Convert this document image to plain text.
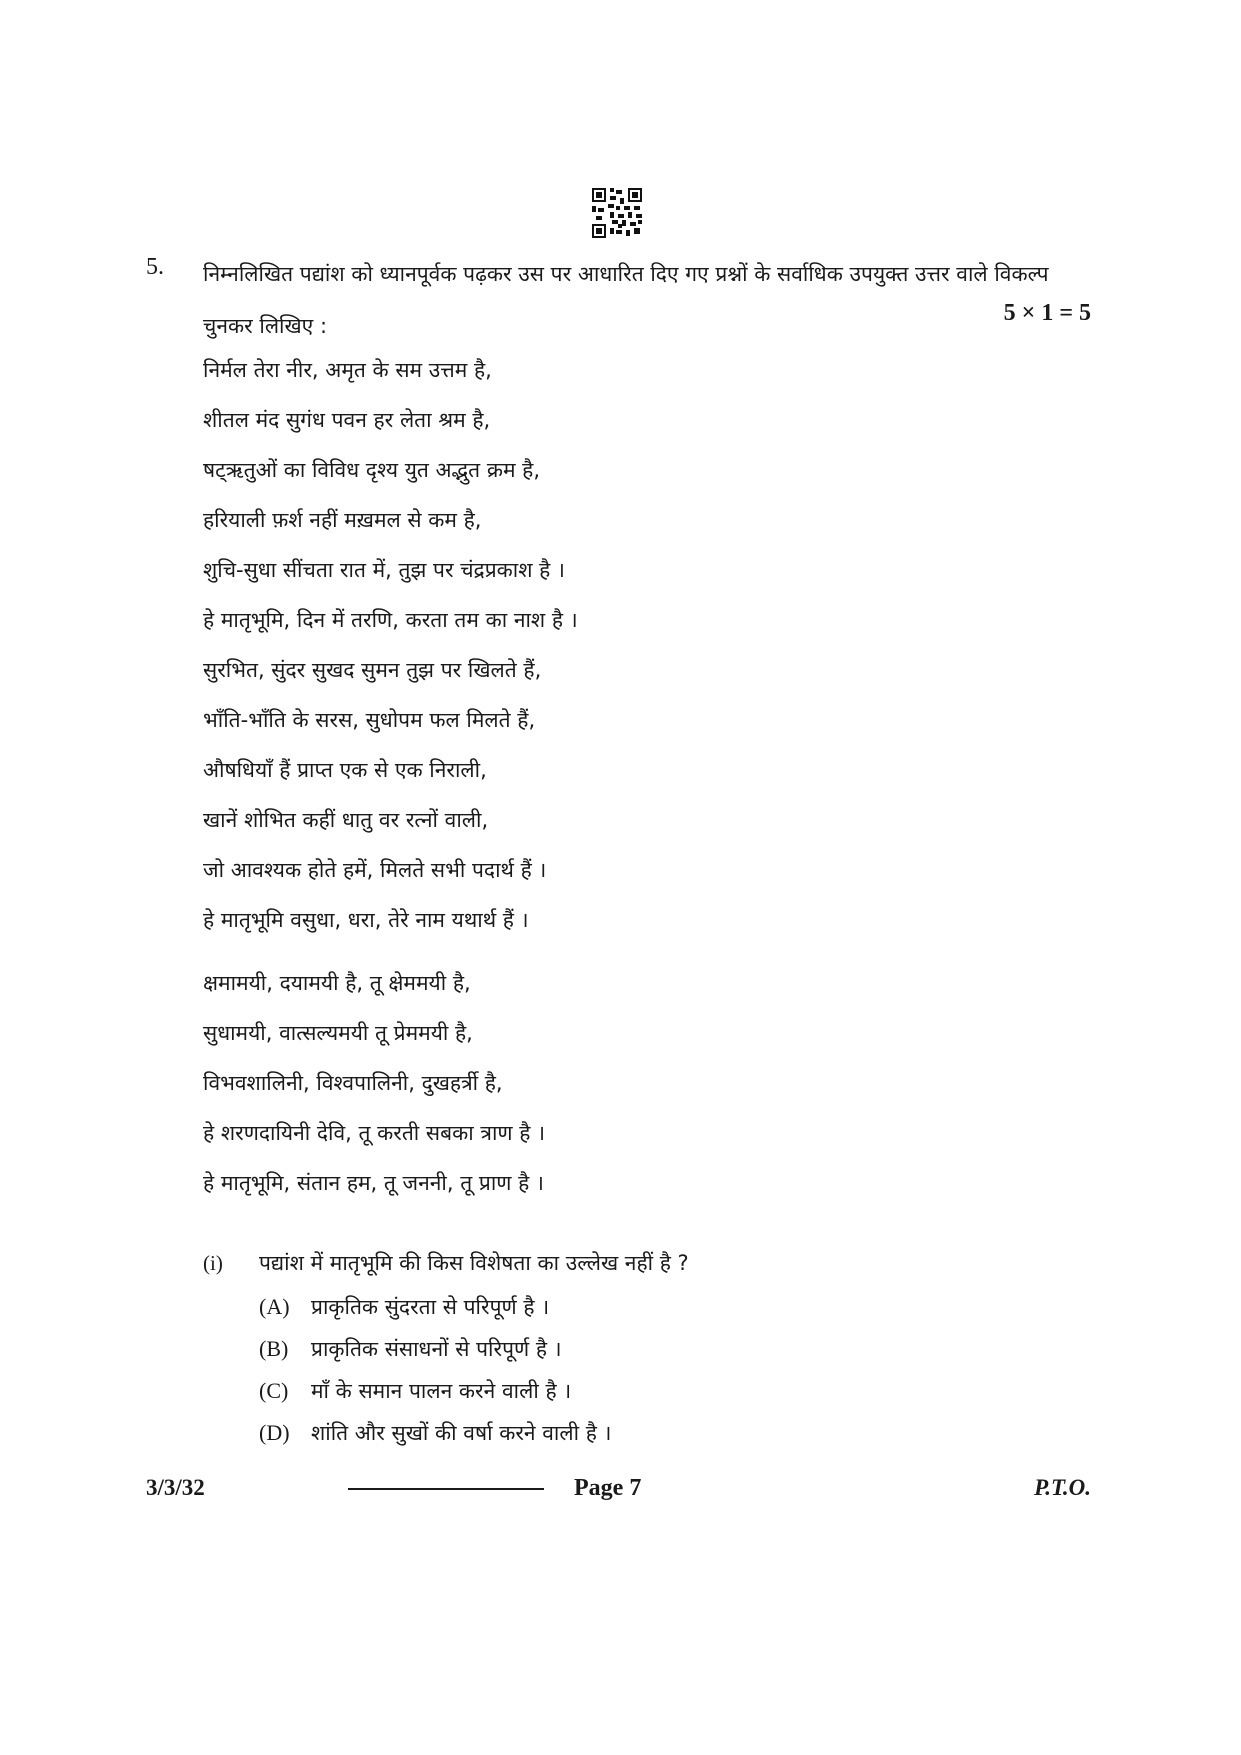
5. निम्नलिखित पद्यांश को ध्यानपूर्वक पढ़कर उस पर आधारित दिए गए प्रश्नों के सर्वाधिक उपयुक्त उत्तर वाले विकल्प चुनकर लिखिए :	5 × 1 = 5
निर्मल तेरा नीर, अमृत के सम उत्तम है,
शीतल मंद सुगंध पवन हर लेता श्रम है,
षट्ऋतुओं का विविध दृश्य युत अद्भुत क्रम है,
हरियाली फ़र्श नहीं मख़मल से कम है,
शुचि-सुधा सींचता रात में, तुझ पर चंद्रप्रकाश है ।
हे मातृभूमि, दिन में तरणि, करता तम का नाश है ।
सुरभित, सुंदर सुखद सुमन तुझ पर खिलते हैं,
भाँति-भाँति के सरस, सुधोपम फल मिलते हैं,
औषधियाँ हैं प्राप्त एक से एक निराली,
खानें शोभित कहीं धातु वर रत्नों वाली,
जो आवश्यक होते हमें, मिलते सभी पदार्थ हैं ।
हे मातृभूमि वसुधा, धरा, तेरे नाम यथार्थ हैं ।
क्षमामयी, दयामयी है, तू क्षेममयी है,
सुधामयी, वात्सल्यमयी तू प्रेममयी है,
विभवशालिनी, विश्वपालिनी, दुखहर्त्री है,
हे शरणदायिनी देवि, तू करती सबका त्राण है ।
हे मातृभूमि, संतान हम, तू जननी, तू प्राण है ।
(i) पद्यांश में मातृभूमि की किस विशेषता का उल्लेख नहीं है ?
(A) प्राकृतिक सुंदरता से परिपूर्ण है ।
(B) प्राकृतिक संसाधनों से परिपूर्ण है ।
(C) माँ के समान पालन करने वाली है ।
(D) शांति और सुखों की वर्षा करने वाली है ।
3/3/32	Page 7	P.T.O.
